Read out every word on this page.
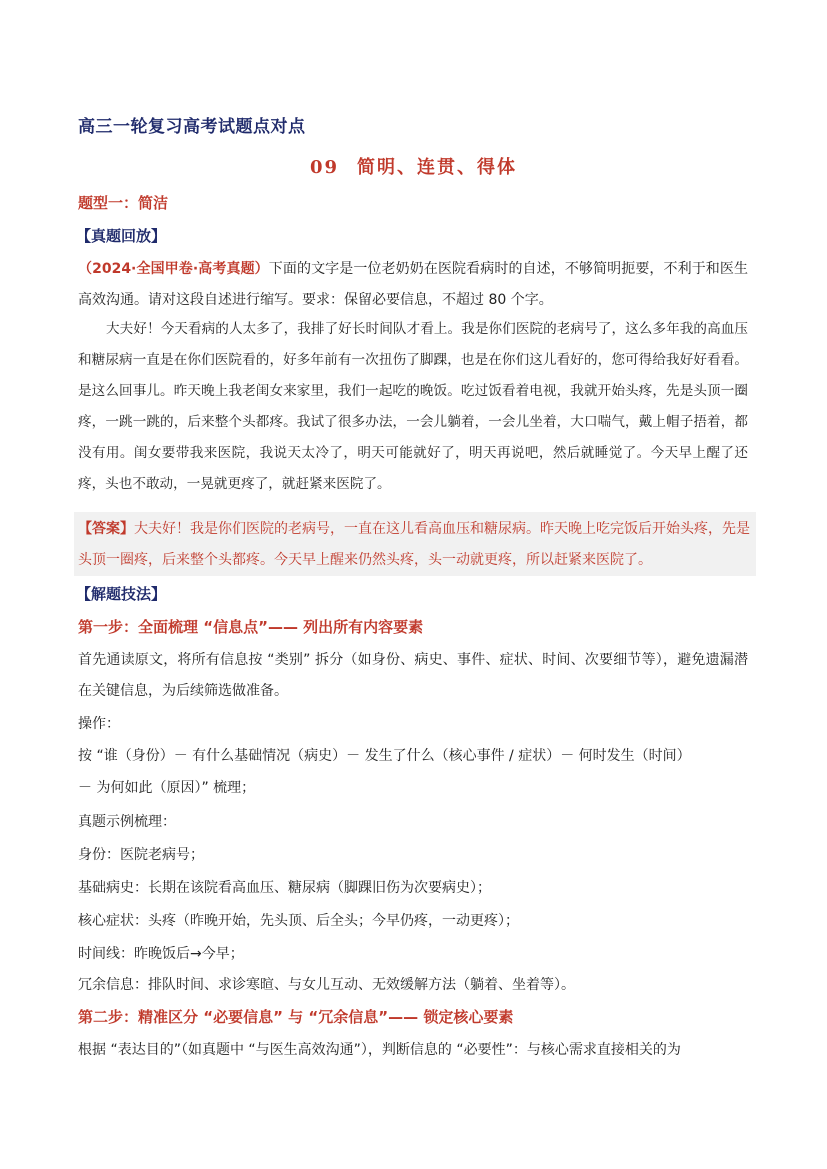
高三一轮复习高考试题点对点
09 简明、连贯、得体
题型一：简洁
【真题回放】
（2024·全国甲卷·高考真题）下面的文字是一位老奶奶在医院看病时的自述，不够简明扼要，不利于和医生高效沟通。请对这段自述进行缩写。要求：保留必要信息，不超过 80 个字。
大夫好！今天看病的人太多了，我排了好长时间队才看上。我是你们医院的老病号了，这么多年我的高血压和糖尿病一直是在你们医院看的，好多年前有一次扭伤了脚踝，也是在你们这儿看好的，您可得给我好好看看。是这么回事儿。昨天晚上我老闺女来家里，我们一起吃的晚饭。吃过饭看着电视，我就开始头疼，先是头顶一圈疼，一跳一跳的，后来整个头都疼。我试了很多办法，一会儿躺着，一会儿坐着，大口喘气，戴上帽子捂着，都没有用。闺女要带我来医院，我说天太冷了，明天可能就好了，明天再说吧，然后就睡觉了。今天早上醒了还疼，头也不敢动，一晃就更疼了，就赶紧来医院了。
【答案】大夫好！我是你们医院的老病号，一直在这儿看高血压和糖尿病。昨天晚上吃完饭后开始头疼，先是头顶一圈疼，后来整个头都疼。今天早上醒来仍然头疼，头一动就更疼，所以赶紧来医院了。
【解题技法】
第一步：全面梳理 “信息点”—— 列出所有内容要素
首先通读原文，将所有信息按 “类别” 拆分（如身份、病史、事件、症状、时间、次要细节等），避免遗漏潜在关键信息，为后续筛选做准备。
操作：
按 “谁（身份）－ 有什么基础情况（病史）－ 发生了什么（核心事件 / 症状）－ 何时发生（时间）
－ 为何如此（原因）” 梳理；
真题示例梳理：
身份：医院老病号；
基础病史：长期在该院看高血压、糖尿病（脚踝旧伤为次要病史）；
核心症状：头疼（昨晚开始，先头顶、后全头；今早仍疼，一动更疼）；
时间线：昨晚饭后→今早；
冗余信息：排队时间、求诊寒暄、与女儿互动、无效缓解方法（躺着、坐着等）。
第二步：精准区分 “必要信息” 与 “冗余信息”—— 锁定核心要素
根据 “表达目的”（如真题中 “与医生高效沟通”），判断信息的 “必要性”：与核心需求直接相关的为
